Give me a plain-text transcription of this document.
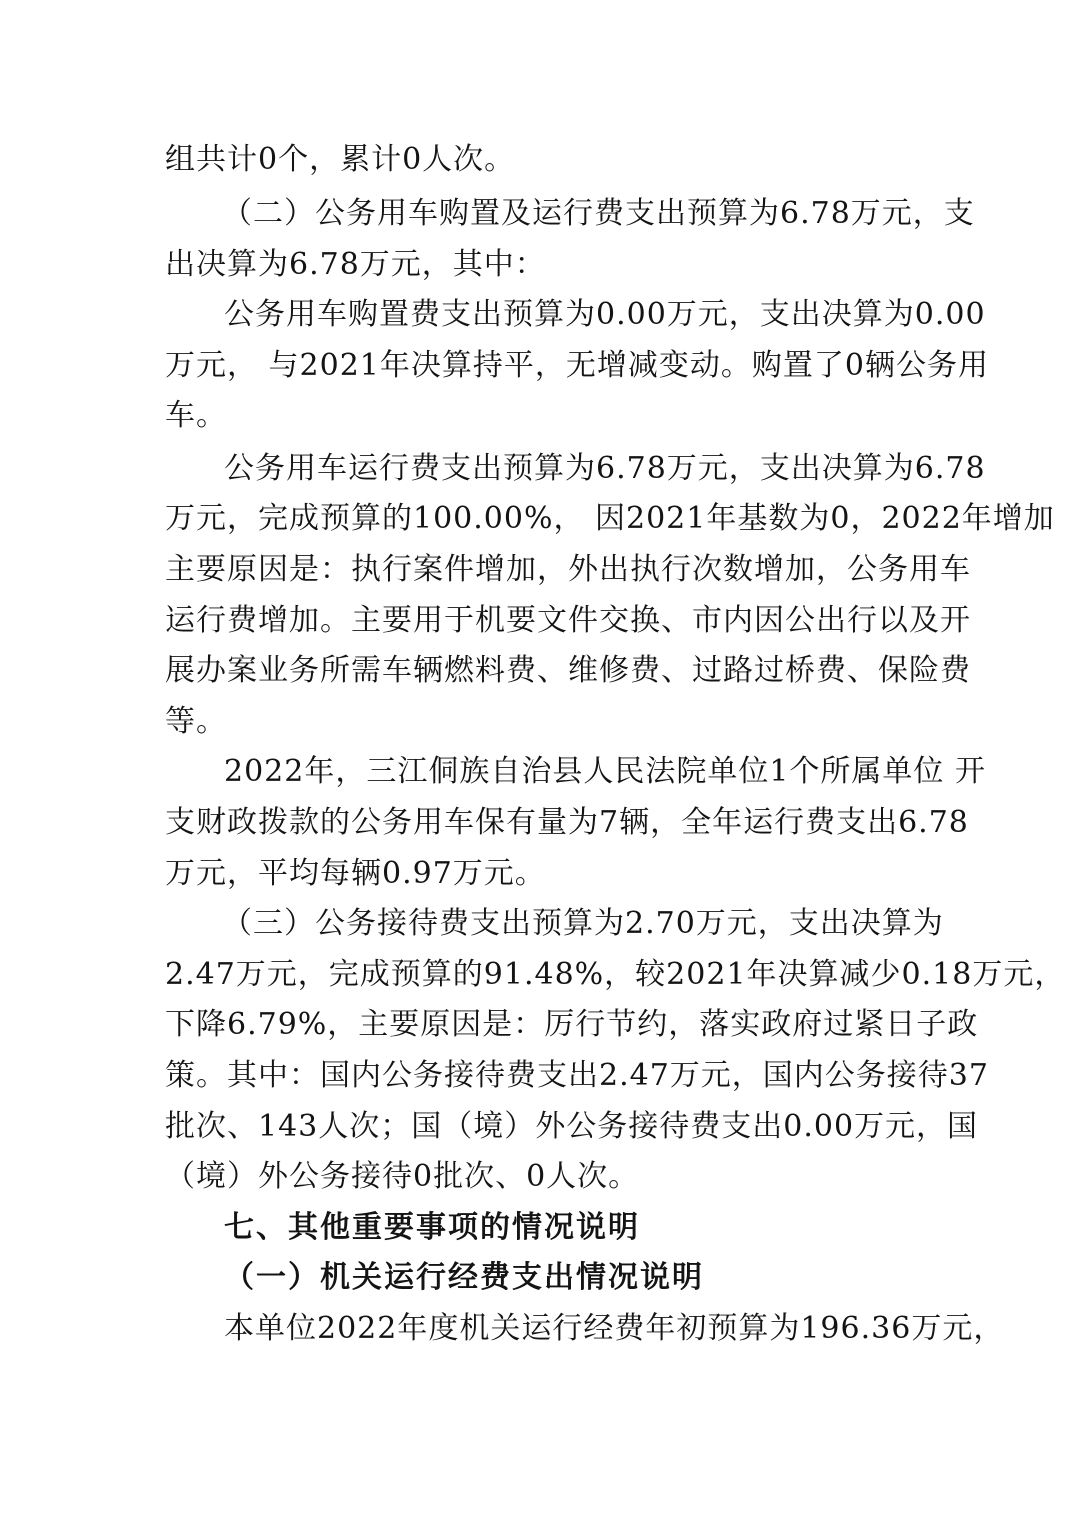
组共计0个，累计0人次。
（二）公务用车购置及运行费支出预算为6.78万元，支
出决算为6.78万元，其中：
公务用车购置费支出预算为0.00万元，支出决算为0.00
万元， 与2021年决算持平，无增减变动。购置了0辆公务用
车。
公务用车运行费支出预算为6.78万元，支出决算为6.78
万元，完成预算的100.00%， 因2021年基数为0，2022年增加
主要原因是：执行案件增加，外出执行次数增加，公务用车
运行费增加。主要用于机要文件交换、市内因公出行以及开
展办案业务所需车辆燃料费、维修费、过路过桥费、保险费
等。
2022年，三江侗族自治县人民法院单位1个所属单位 开
支财政拨款的公务用车保有量为7辆，全年运行费支出6.78
万元，平均每辆0.97万元。
（三）公务接待费支出预算为2.70万元，支出决算为
2.47万元，完成预算的91.48%，较2021年决算减少0.18万元，
下降6.79%，主要原因是：厉行节约，落实政府过紧日子政
策。其中：国内公务接待费支出2.47万元，国内公务接待37
批次、143人次；国（境）外公务接待费支出0.00万元，国
（境）外公务接待0批次、0人次。
七、其他重要事项的情况说明
（一）机关运行经费支出情况说明
本单位2022年度机关运行经费年初预算为196.36万元，
